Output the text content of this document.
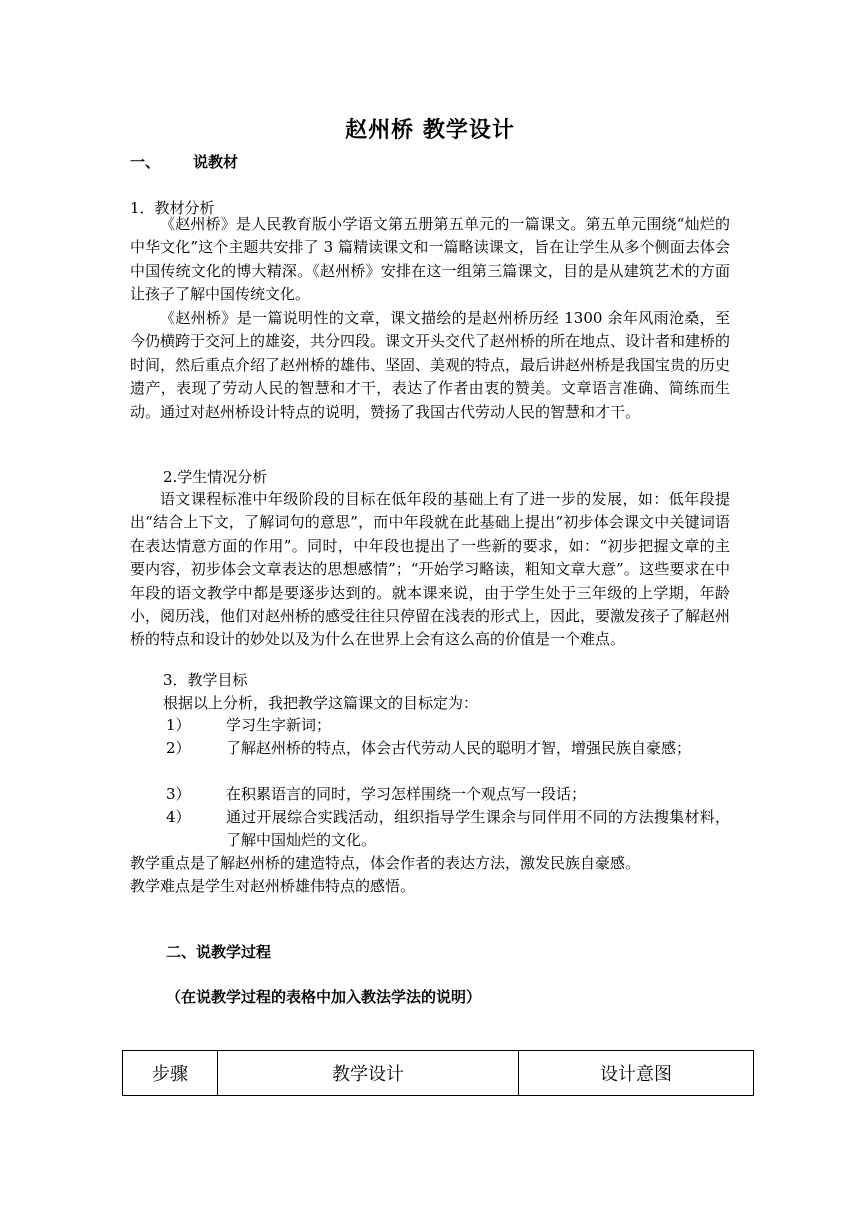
赵州桥 教学设计
一、 说教材
1．教材分析

《赵州桥》是人民教育版小学语文第五册第五单元的一篇课文。第五单元围绕“灿烂的中华文化”这个主题共安排了 3 篇精读课文和一篇略读课文，旨在让学生从多个侧面去体会中国传统文化的博大精深。《赵州桥》安排在这一组第三篇课文，目的是从建筑艺术的方面让孩子了解中国传统文化。

《赵州桥》是一篇说明性的文章，课文描绘的是赵州桥历经 1300 余年风雨沧桑，至今仍横跨于交河上的雄姿，共分四段。课文开头交代了赵州桥的所在地点、设计者和建桥的时间，然后重点介绍了赵州桥的雄伟、坚固、美观的特点，最后讲赵州桥是我国宝贵的历史遗产，表现了劳动人民的智慧和才干，表达了作者由衷的赞美。文章语言准确、简练而生动。通过对赵州桥设计特点的说明，赞扬了我国古代劳动人民的智慧和才干。

2.学生情况分析

语文课程标准中年级阶段的目标在低年段的基础上有了进一步的发展，如：低年段提出“结合上下文，了解词句的意思”，而中年段就在此基础上提出“初步体会课文中关键词语在表达情意方面的作用”。同时，中年段也提出了一些新的要求，如：“初步把握文章的主要内容，初步体会文章表达的思想感情”；“开始学习略读，粗知文章大意”。这些要求在中年段的语文教学中都是要逐步达到的。就本课来说，由于学生处于三年级的上学期，年龄小，阅历浅，他们对赵州桥的感受往往只停留在浅表的形式上，因此，要激发孩子了解赵州桥的特点和设计的妙处以及为什么在世界上会有这么高的价值是一个难点。

3．教学目标
根据以上分析，我把教学这篇课文的目标定为：
1） 学习生字新词；
2） 了解赵州桥的特点，体会古代劳动人民的聪明才智，增强民族自豪感；
3） 在积累语言的同时，学习怎样围绕一个观点写一段话；
4） 通过开展综合实践活动，组织指导学生课余与同伴用不同的方法搜集材料，了解中国灿烂的文化。
教学重点是了解赵州桥的建造特点，体会作者的表达方法，激发民族自豪感。
教学难点是学生对赵州桥雄伟特点的感悟。
二、说教学过程
（在说教学过程的表格中加入教法学法的说明）
步骤	教学设计	设计意图
